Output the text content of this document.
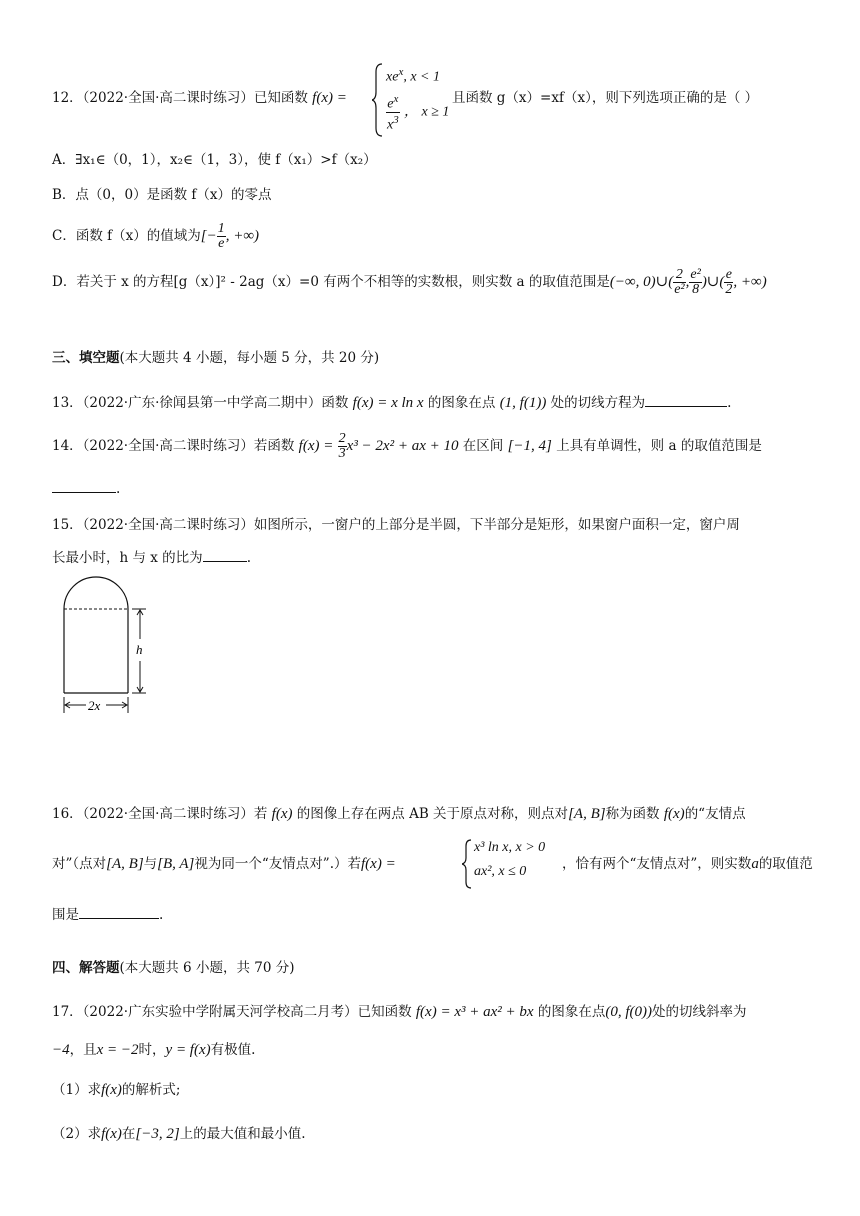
12．（2022·全国·高二课时练习）已知函数 f(x) =
$xe^x$, x < 1
$\frac{e^x}{x^3}$ ， x ≥ 1
且函数 g（x）=xf（x），则下列选项正确的是（ ）
A．∃x₁∈（0，1），x₂∈（1，3），使 f（x₁）>f（x₂）
B．点（0，0）是函数 f（x）的零点
C．函数 f（x）的值域为[− $\frac{1}{e}$ , +∞)
D．若关于 x 的方程[g（x）]² - 2ag（x）=0 有两个不相等的实数根，则实数 a 的取值范围是(−∞, 0)∪( $\frac{2}{\text{e²}}$ , $\frac{\text{e²}}{8}$ )∪( $\frac{e}{2}$ , +∞)
三、填空题(本大题共 4 小题，每小题 5 分，共 20 分)
13．（2022·广东·徐闻县第一中学高二期中）函数 f(x) = x ln x 的图象在点 (1, f(1)) 处的切线方程为	.
14．（2022·全国·高二课时练习）若函数 $f(x) = \frac{2}{3} x^3 - 2x^2$ + ax + 10 在区间 [−1, 4] 上具有单调性，则 a 的取值范围是
.
15．（2022·全国·高二课时练习）如图所示，一窗户的上部分是半圆，下半部分是矩形，如果窗户面积一定，窗户周
长最小时，h 与 x 的比为	.
h
2x
16．（2022·全国·高二课时练习）若 f(x) 的图像上存在两点 AB 关于原点对称，则点对[A, B]称为函数 f(x)的“友情点
对”（点对[A, B]与[B, A]视为同一个“友情点对”.）若f(x) =
x³ ln x, x > 0
ax², x ≤ 0	，恰有两个“友情点对”，则实数a的取值范
围是	.
四、解答题(本大题共 6 小题，共 70 分)
17．（2022·广东实验中学附属天河学校高二月考）已知函数 f(x) = x³ + ax² + bx 的图象在点(0, f(0))处的切线斜率为
−4，且x = −2时，y = f(x)有极值.
（1）求f(x)的解析式;
（2）求f(x)在[−3, 2]上的最大值和最小值.
